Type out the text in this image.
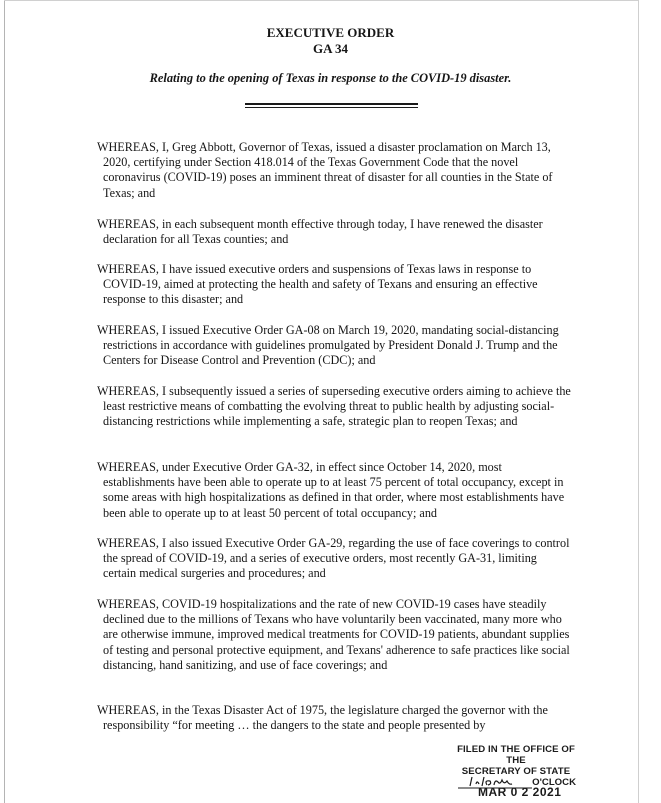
EXECUTIVE ORDER
GA 34
Relating to the opening of Texas in response to the COVID-19 disaster.
WHEREAS, I, Greg Abbott, Governor of Texas, issued a disaster proclamation on March 13, 2020, certifying under Section 418.014 of the Texas Government Code that the novel coronavirus (COVID-19) poses an imminent threat of disaster for all counties in the State of Texas; and
WHEREAS, in each subsequent month effective through today, I have renewed the disaster declaration for all Texas counties; and
WHEREAS, I have issued executive orders and suspensions of Texas laws in response to COVID-19, aimed at protecting the health and safety of Texans and ensuring an effective response to this disaster; and
WHEREAS, I issued Executive Order GA-08 on March 19, 2020, mandating social-distancing restrictions in accordance with guidelines promulgated by President Donald J. Trump and the Centers for Disease Control and Prevention (CDC); and
WHEREAS, I subsequently issued a series of superseding executive orders aiming to achieve the least restrictive means of combatting the evolving threat to public health by adjusting social-distancing restrictions while implementing a safe, strategic plan to reopen Texas; and
WHEREAS, under Executive Order GA-32, in effect since October 14, 2020, most establishments have been able to operate up to at least 75 percent of total occupancy, except in some areas with high hospitalizations as defined in that order, where most establishments have been able to operate up to at least 50 percent of total occupancy; and
WHEREAS, I also issued Executive Order GA-29, regarding the use of face coverings to control the spread of COVID-19, and a series of executive orders, most recently GA-31, limiting certain medical surgeries and procedures; and
WHEREAS, COVID-19 hospitalizations and the rate of new COVID-19 cases have steadily declined due to the millions of Texans who have voluntarily been vaccinated, many more who are otherwise immune, improved medical treatments for COVID-19 patients, abundant supplies of testing and personal protective equipment, and Texans' adherence to safe practices like social distancing, hand sanitizing, and use of face coverings; and
WHEREAS, in the Texas Disaster Act of 1975, the legislature charged the governor with the responsibility “for meeting … the dangers to the state and people presented by
FILED IN THE OFFICE OF THE
SECRETARY OF STATE
O'CLOCK
MAR 0 2 2021
